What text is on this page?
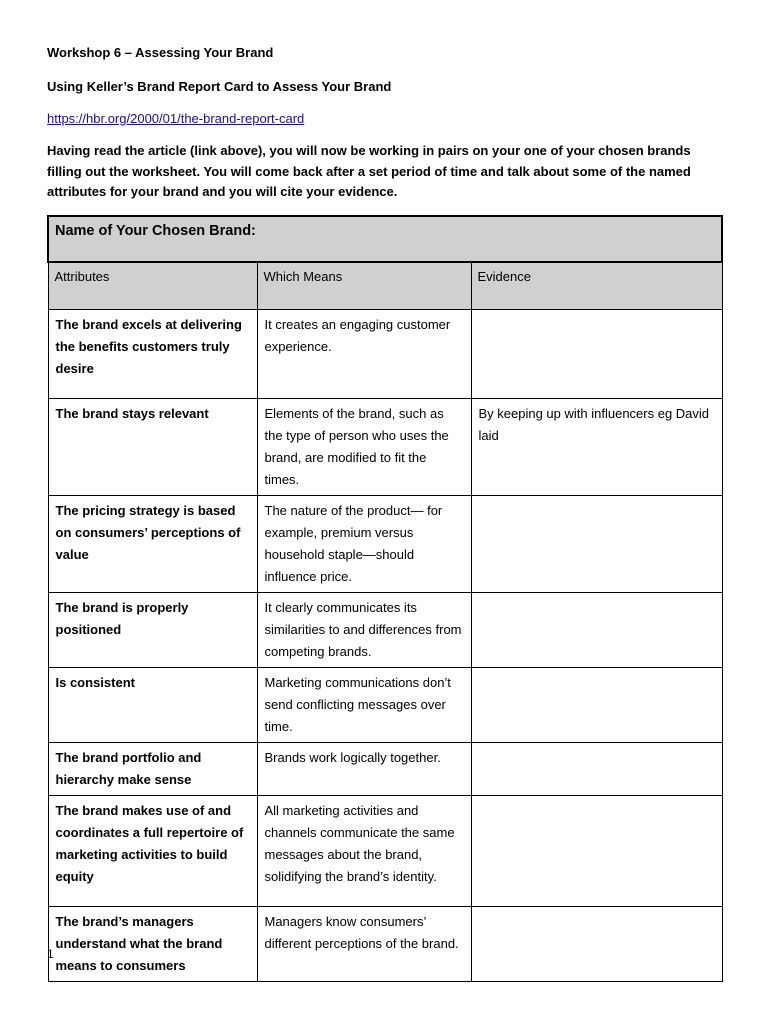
Workshop 6 – Assessing Your Brand

Using Keller’s Brand Report Card to Assess Your Brand

https://hbr.org/2000/01/the-brand-report-card

Having read the article (link above), you will now be working in pairs on your one of your chosen brands filling out the worksheet. You will come back after a set period of time and talk about some of the named attributes for your brand and you will cite your evidence.

Name of Your Chosen Brand:		
Attributes	Which Means	Evidence
The brand excels at delivering the benefits customers truly desire	It creates an engaging customer experience.	
The brand stays relevant	Elements of the brand, such as the type of person who uses the brand, are modified to fit the times.	By keeping up with influencers eg David laid
The pricing strategy is based on consumers’ perceptions of value	The nature of the product— for example, premium versus household staple—should influence price.	
The brand is properly positioned	It clearly communicates its similarities to and differences from competing brands.	
Is consistent	Marketing communications don’t send conflicting messages over time.	
The brand portfolio and hierarchy make sense	Brands work logically together.	
The brand makes use of and coordinates a full repertoire of marketing activities to build equity	All marketing activities and channels communicate the same messages about the brand, solidifying the brand’s identity.	
The brand’s managers understand what the brand means to consumers	Managers know consumers’ different perceptions of the brand.	
1
